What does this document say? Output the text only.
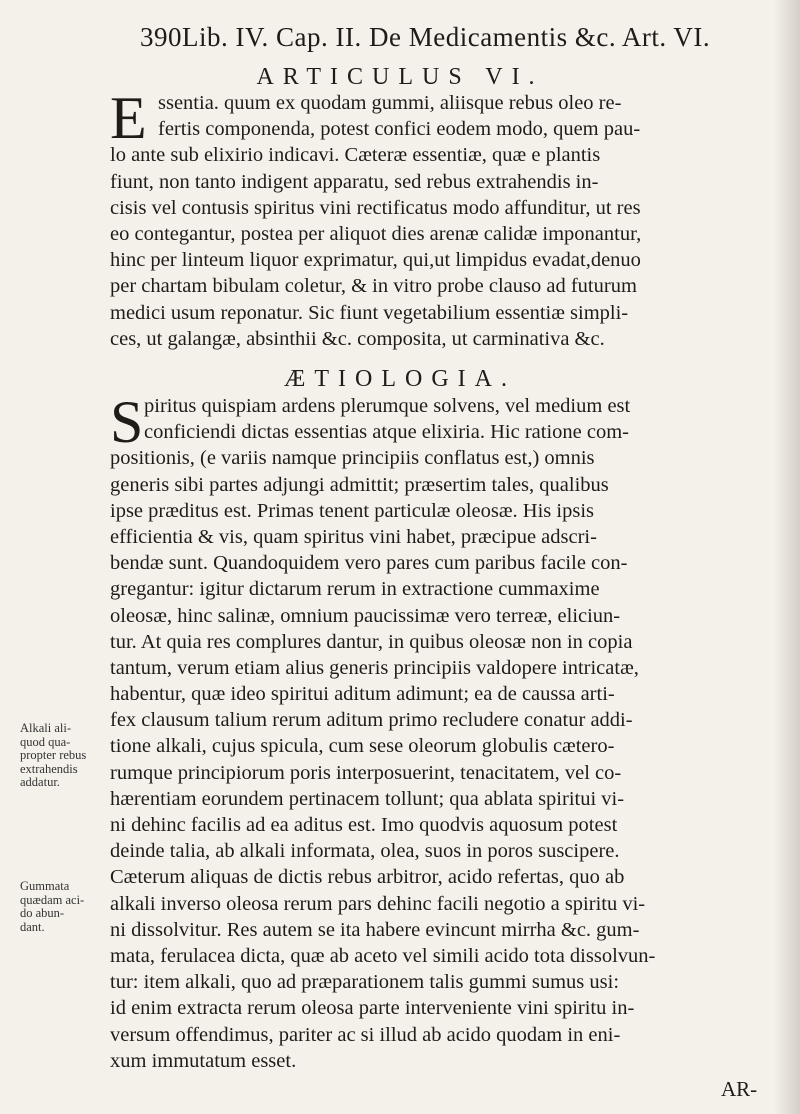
390Lib. IV. Cap. II. De Medicamentis &c. Art. VI.
ARTICULUS VI.
E ssentia. quum ex quodam gummi, aliisque rebus oleo re-
fertis componenda, potest confici eodem modo, quem pau-
lo ante sub elixirio indicavi. Cæteræ essentiæ, quæ e plantis
fiunt, non tanto indigent apparatu, sed rebus extrahendis in-
cisis vel contusis spiritus vini rectificatus modo affunditur, ut res
eo contegantur, postea per aliquot dies arenæ calidæ imponantur,
hinc per linteum liquor exprimatur, qui,ut limpidus evadat,denuo
per chartam bibulam coletur, & in vitro probe clauso ad futurum
medici usum reponatur. Sic fiunt vegetabilium essentiæ simpli-
ces, ut galangæ, absinthii &c. composita, ut carminativa &c.
ÆTIOLOGIA.
S piritus quispiam ardens plerumque solvens, vel medium est
conficiendi dictas essentias atque elixiria. Hic ratione com-
positionis, (e variis namque principiis conflatus est,) omnis
generis sibi partes adjungi admittit; præsertim tales, qualibus
ipse præditus est. Primas tenent particulæ oleosæ. His ipsis
efficientia & vis, quam spiritus vini habet, præcipue adscri-
bendæ sunt. Quandoquidem vero pares cum paribus facile con-
gregantur: igitur dictarum rerum in extractione cummaxime
oleosæ, hinc salinæ, omnium paucissimæ vero terreæ, eliciun-
tur. At quia res complures dantur, in quibus oleosæ non in copia
tantum, verum etiam alius generis principiis valdopere intricatæ,
habentur, quæ ideo spiritui aditum adimunt; ea de caussa arti-
fex clausum talium rerum aditum primo recludere conatur addi-
tione alkali, cujus spicula, cum sese oleorum globulis cætero-
rumque principiorum poris interposuerint, tenacitatem, vel co-
hærentiam eorundem pertinacem tollunt; qua ablata spiritui vi-
ni dehinc facilis ad ea aditus est. Imo quodvis aquosum potest
deinde talia, ab alkali informata, olea, suos in poros suscipere.
Cæterum aliquas de dictis rebus arbitror, acido refertas, quo ab
alkali inverso oleosa rerum pars dehinc facili negotio a spiritu vi-
ni dissolvitur. Res autem se ita habere evincunt mirrha &c. gum-
mata, ferulacea dicta, quæ ab aceto vel simili acido tota dissolvun-
tur: item alkali, quo ad præparationem talis gummi sumus usi:
id enim extracta rerum oleosa parte interveniente vini spiritu in-
versum offendimus, pariter ac si illud ab acido quodam in eni-
xum immutatum esset.
Alkali ali-
quod qua-
propter rebus
extrahendis
addatur.
Gummata
quædam aci-
do abun-
dant.
AR-
